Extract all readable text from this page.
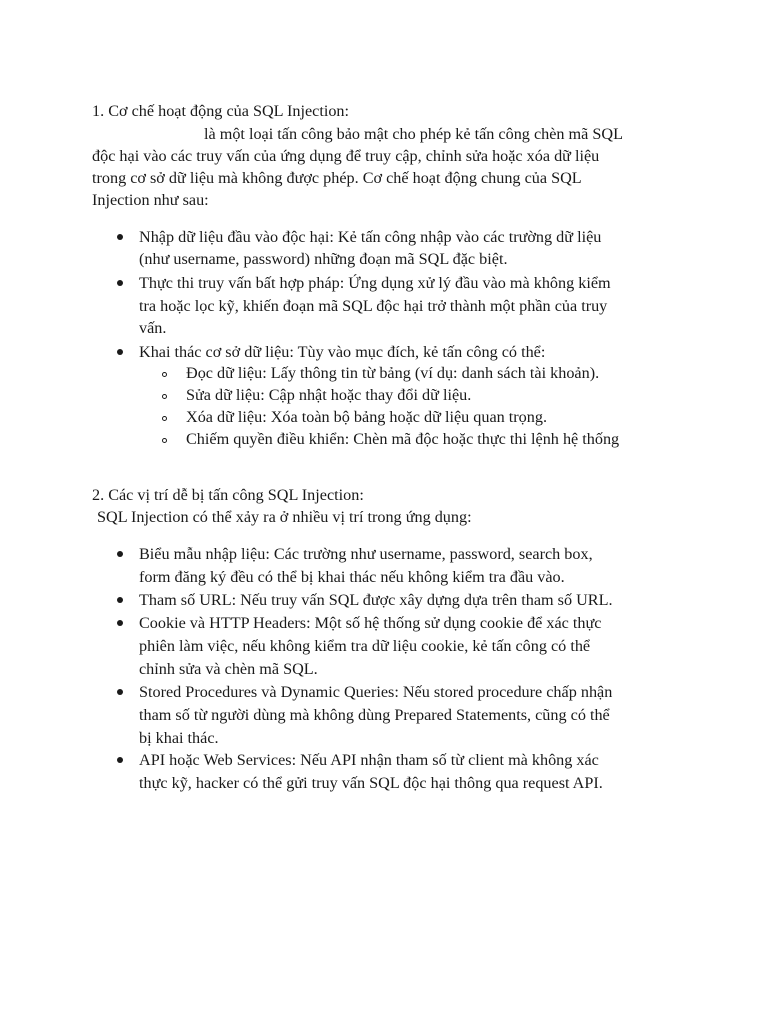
1. Cơ chế hoạt động của SQL Injection:
là một loại tấn công bảo mật cho phép kẻ tấn công chèn mã SQL
độc hại vào các truy vấn của ứng dụng để truy cập, chỉnh sửa hoặc xóa dữ liệu
trong cơ sở dữ liệu mà không được phép. Cơ chế hoạt động chung của SQL
Injection như sau:
Nhập dữ liệu đầu vào độc hại: Kẻ tấn công nhập vào các trường dữ liệu
(như username, password) những đoạn mã SQL đặc biệt.
Thực thi truy vấn bất hợp pháp: Ứng dụng xử lý đầu vào mà không kiểm
tra hoặc lọc kỹ, khiến đoạn mã SQL độc hại trở thành một phần của truy
vấn.
Khai thác cơ sở dữ liệu: Tùy vào mục đích, kẻ tấn công có thể:
Đọc dữ liệu: Lấy thông tin từ bảng (ví dụ: danh sách tài khoản).
Sửa dữ liệu: Cập nhật hoặc thay đổi dữ liệu.
Xóa dữ liệu: Xóa toàn bộ bảng hoặc dữ liệu quan trọng.
Chiếm quyền điều khiển: Chèn mã độc hoặc thực thi lệnh hệ thống
2. Các vị trí dễ bị tấn công SQL Injection:
SQL Injection có thể xảy ra ở nhiều vị trí trong ứng dụng:
Biểu mẫu nhập liệu: Các trường như username, password, search box,
form đăng ký đều có thể bị khai thác nếu không kiểm tra đầu vào.
Tham số URL: Nếu truy vấn SQL được xây dựng dựa trên tham số URL.
Cookie và HTTP Headers: Một số hệ thống sử dụng cookie để xác thực
phiên làm việc, nếu không kiểm tra dữ liệu cookie, kẻ tấn công có thể
chỉnh sửa và chèn mã SQL.
Stored Procedures và Dynamic Queries: Nếu stored procedure chấp nhận
tham số từ người dùng mà không dùng Prepared Statements, cũng có thể
bị khai thác.
API hoặc Web Services: Nếu API nhận tham số từ client mà không xác
thực kỹ, hacker có thể gửi truy vấn SQL độc hại thông qua request API.
